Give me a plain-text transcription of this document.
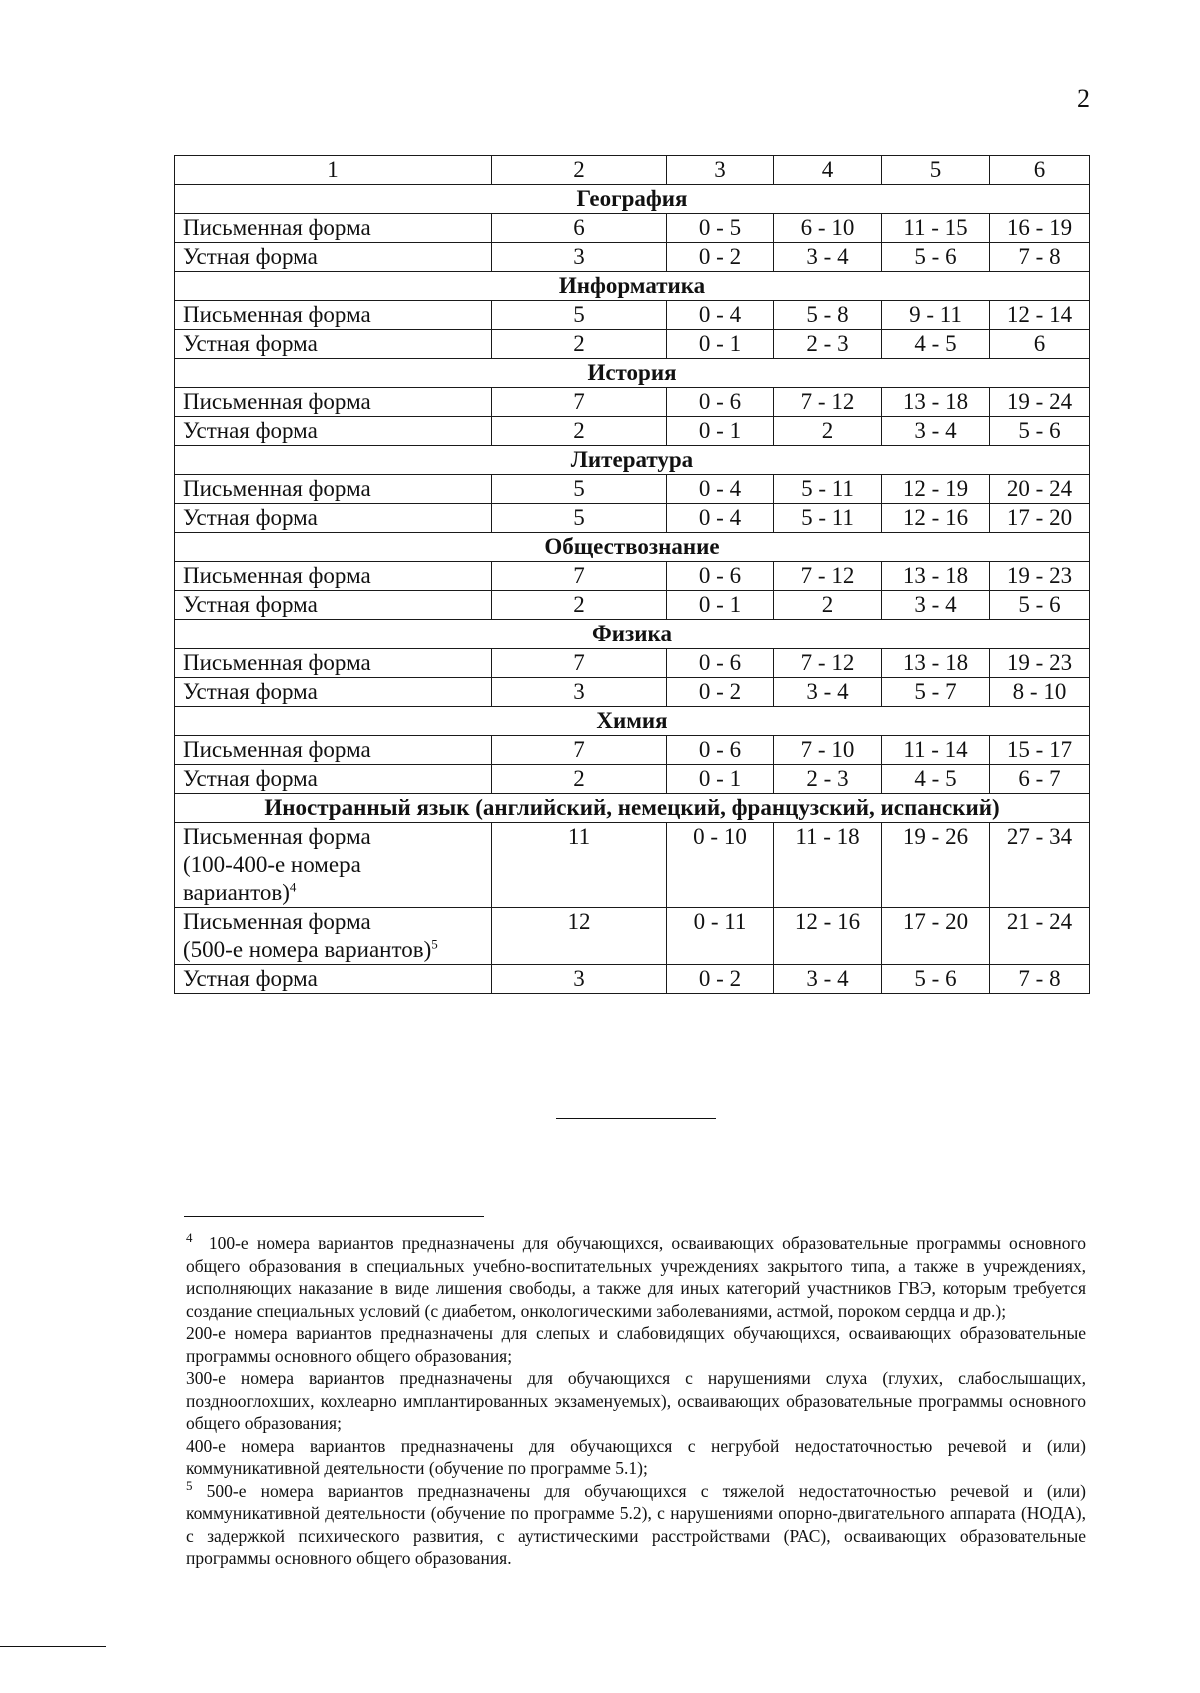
2
1	2	3	4	5	6
География					
Письменная форма	6	0 - 5	6 - 10	11 - 15	16 - 19
Устная форма	3	0 - 2	3 - 4	5 - 6	7 - 8
Информатика					
Письменная форма	5	0 - 4	5 - 8	9 - 11	12 - 14
Устная форма	2	0 - 1	2 - 3	4 - 5	6
История					
Письменная форма	7	0 - 6	7 - 12	13 - 18	19 - 24
Устная форма	2	0 - 1	2	3 - 4	5 - 6
Литература					
Письменная форма	5	0 - 4	5 - 11	12 - 19	20 - 24
Устная форма	5	0 - 4	5 - 11	12 - 16	17 - 20
Обществознание					
Письменная форма	7	0 - 6	7 - 12	13 - 18	19 - 23
Устная форма	2	0 - 1	2	3 - 4	5 - 6
Физика					
Письменная форма	7	0 - 6	7 - 12	13 - 18	19 - 23
Устная форма	3	0 - 2	3 - 4	5 - 7	8 - 10
Химия					
Письменная форма	7	0 - 6	7 - 10	11 - 14	15 - 17
Устная форма	2	0 - 1	2 - 3	4 - 5	6 - 7
Иностранный язык (английский, немецкий, французский, испанский)					
Письменная форма
(100-400-е номера
вариантов)$^4$	11	0 - 10	11 - 18	19 - 26	27 - 34
Письменная форма
(500-е номера вариантов)$^5$	12	0 - 11	12 - 16	17 - 20	21 - 24
Устная форма	3	0 - 2	3 - 4	5 - 6	7 - 8

$^4$ 100-е номера вариантов предназначены для обучающихся, осваивающих образовательные программы основного общего образования в специальных учебно-воспитательных учреждениях закрытого типа, а также в учреждениях, исполняющих наказание в виде лишения свободы, а также для иных категорий участников ГВЭ, которым требуется создание специальных условий (с диабетом, онкологическими заболеваниями, астмой, пороком сердца и др.);

200-е номера вариантов предназначены для слепых и слабовидящих обучающихся, осваивающих образовательные программы основного общего образования;

300-е номера вариантов предназначены для обучающихся с нарушениями слуха (глухих, слабослышащих, позднооглохших, кохлеарно имплантированных экзаменуемых), осваивающих образовательные программы основного общего образования;

400-е номера вариантов предназначены для обучающихся с негрубой недостаточностью речевой и (или) коммуникативной деятельности (обучение по программе 5.1);

$^5$ 500-е номера вариантов предназначены для обучающихся с тяжелой недостаточностью речевой и (или) коммуникативной деятельности (обучение по программе 5.2), с нарушениями опорно-двигательного аппарата (НОДА), с задержкой психического развития, с аутистическими расстройствами (РАС), осваивающих образовательные программы основного общего образования.
